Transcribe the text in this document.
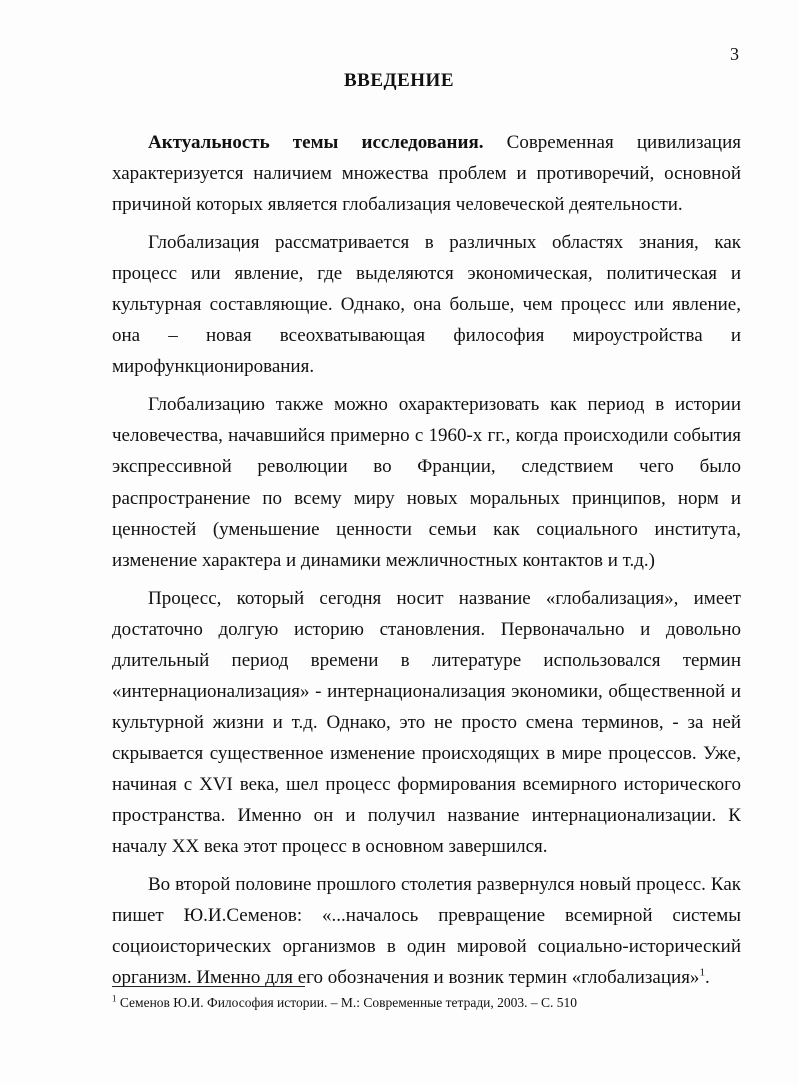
3
ВВЕДЕНИЕ

Актуальность темы исследования. Современная цивилизация характеризуется наличием множества проблем и противоречий, основной причиной которых является глобализация человеческой деятельности.

Глобализация рассматривается в различных областях знания, как процесс или явление, где выделяются экономическая, политическая и культурная составляющие. Однако, она больше, чем процесс или явление, она – новая всеохватывающая философия мироустройства и

мирофункционирования.

Глобализацию также можно охарактеризовать как период в истории человечества, начавшийся примерно с 1960-х гг., когда происходили события экспрессивной революции во Франции, следствием чего было распространение по всему миру новых моральных принципов, норм и ценностей (уменьшение ценности семьи как социального института, изменение характера и динамики межличностных контактов и т.д.)

Процесс, который сегодня носит название «глобализация», имеет достаточно долгую историю становления. Первоначально и довольно длительный период времени в литературе использовался термин «интернационализация» - интернационализация экономики, общественной и культурной жизни и т.д. Однако, это не просто смена терминов, - за ней скрывается существенное изменение происходящих в мире процессов. Уже, начиная с XVI века, шел процесс формирования всемирного исторического пространства. Именно он и получил название интернационализации. К началу XX века этот процесс в основном завершился.

Во второй половине прошлого столетия развернулся новый процесс. Как пишет Ю.И.Семенов: «...началось превращение всемирной системы социоисторических организмов в один мировой социально-исторический организм. Именно для его обозначения и возник термин «глобализация»$^1$.

$^1$ Семенов Ю.И. Философия истории. – М.: Современные тетради, 2003. – С. 510
